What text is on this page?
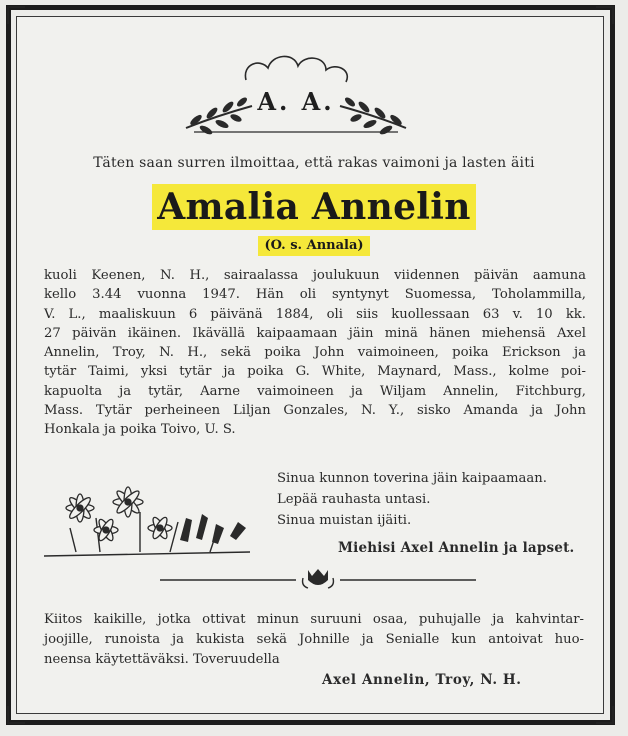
A. A.
Täten saan surren ilmoittaa, että rakas vaimoni ja lasten äiti
Amalia Annelin
(O. s. Annala)

kuoli Keenen, N. H., sairaalassa joulukuun viidennen päivän aamuna
kello 3.44 vuonna 1947. Hän oli syntynyt Suomessa, Toholammilla,
V. L., maaliskuun 6 päivänä 1884, oli siis kuollessaan 63 v. 10 kk.
27 päivän ikäinen. Ikävällä kaipaamaan jäin minä hänen miehensä Axel
Annelin, Troy, N. H., sekä poika John vaimoineen, poika Erickson ja
tytär Taimi, yksi tytär ja poika G. White, Maynard, Mass., kolme poi-
kapuolta ja tytär, Aarne vaimoineen ja Wiljam Annelin, Fitchburg,
Mass. Tytär perheineen Liljan Gonzales, N. Y., sisko Amanda ja John
Honkala ja poika Toivo, U. S.

Sinua kunnon toverina jäin kaipaamaan.
Lepää rauhasta untasi.
Sinua muistan ijäiti.
Miehisi Axel Annelin ja lapset.

Kiitos kaikille, jotka ottivat minun suruuni osaa, puhujalle ja kahvintar-
joojille, runoista ja kukista sekä Johnille ja Senialle kun antoivat huo-
neensa käytettäväksi. Toveruudella

Axel Annelin, Troy, N. H.
